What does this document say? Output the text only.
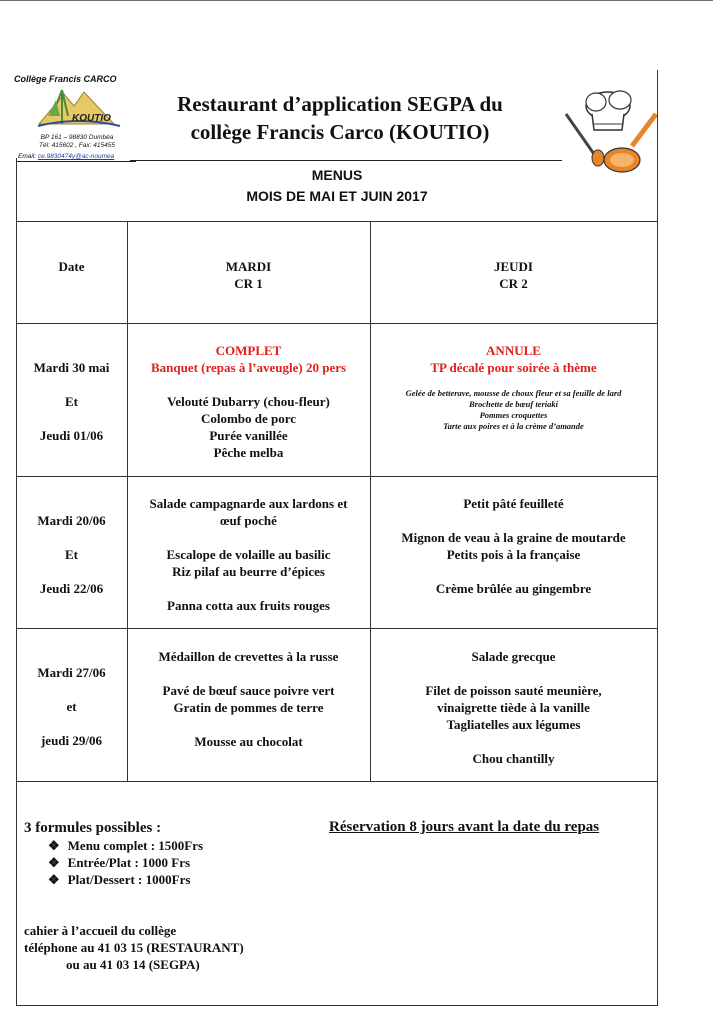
Collège Francis CARCO
KOUTIO
BP 161 – 98830 Dumbéa
Tél: 415602 , Fax: 415455
Email: ce.9830474y@ac-noumea
Restaurant d’application SEGPA du
collège Francis Carco (KOUTIO)
MENUS
MOIS DE MAI ET JUIN 2017
Date	MARDI
CR 1
JEUDI
CR 2
Mardi 30 mai
Et
Jeudi 01/06
COMPLET
Banquet (repas à l’aveugle) 20 pers
Velouté Dubarry (chou-fleur)
Colombo de porc
Purée vanillée
Pêche melba
ANNULE
TP décalé pour soirée à thème
Gelée de betterave, mousse de choux fleur et sa feuille de lard
Brochette de bœuf teriaki
Pommes croquettes
Tarte aux poires et à la crème d’amande
Mardi 20/06
Et
Jeudi 22/06
Salade campagnarde aux lardons et
œuf poché
Escalope de volaille au basilic
Riz pilaf au beurre d’épices
Panna cotta aux fruits rouges
Petit pâté feuilleté
Mignon de veau à la graine de moutarde
Petits pois à la française
Crème brûlée au gingembre
Mardi 27/06
et
jeudi 29/06
Médaillon de crevettes à la russe
Pavé de bœuf sauce poivre vert
Gratin de pommes de terre
Mousse au chocolat
Salade grecque
Filet de poisson sauté meunière,
vinaigrette tiède à la vanille
Tagliatelles aux légumes
Chou chantilly
3 formules possibles :	Réservation 8 jours avant la date du repas
❖ Menu complet : 1500Frs
❖ Entrée/Plat : 1000 Frs
❖ Plat/Dessert : 1000Frs
cahier à l’accueil du collège
téléphone au 41 03 15 (RESTAURANT)
ou au 41 03 14 (SEGPA)
